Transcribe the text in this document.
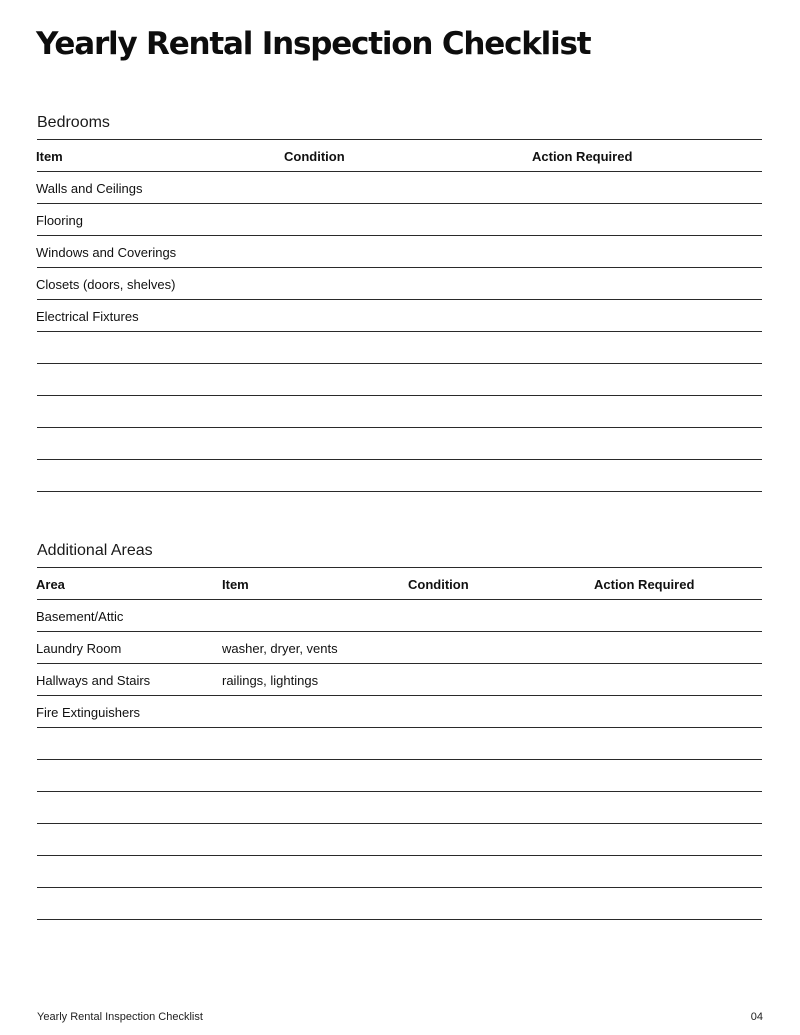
Yearly Rental Inspection Checklist
Bedrooms
Item	Condition	Action Required
Walls and Ceilings
Flooring
Windows and Coverings
Closets (doors, shelves)
Electrical Fixtures
Additional Areas
Area	Item	Condition	Action Required
Basement/Attic
Laundry Room	washer, dryer, vents
Hallways and Stairs	railings, lightings
Fire Extinguishers
Yearly Rental Inspection Checklist	04
